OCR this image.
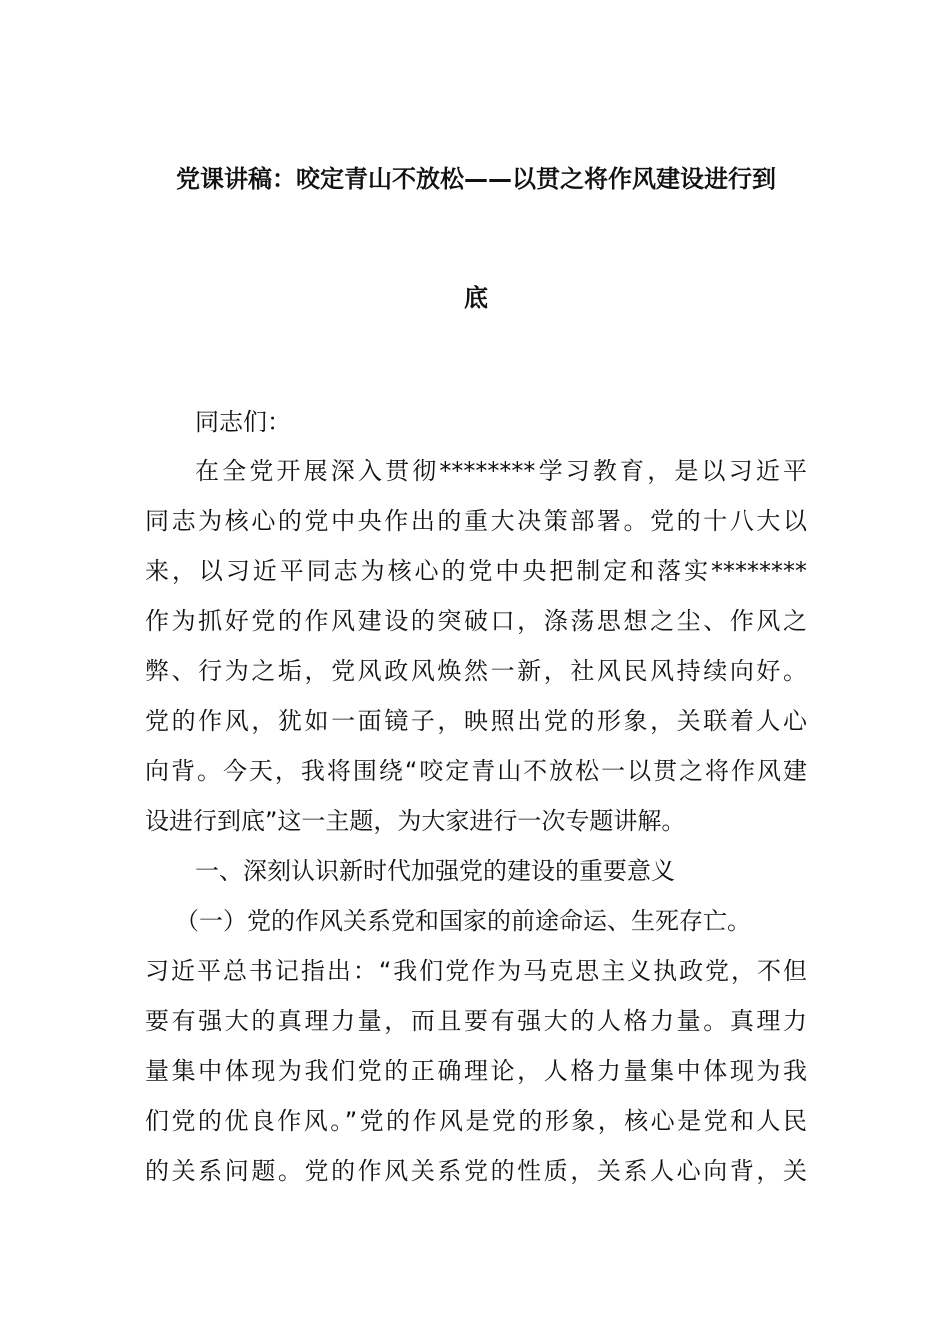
党课讲稿：咬定青山不放松——以贯之将作风建设进行到
底
同志们：
在全党开展深入贯彻********学习教育，是以习近平
同志为核心的党中央作出的重大决策部署。党的十八大以
来，以习近平同志为核心的党中央把制定和落实********
作为抓好党的作风建设的突破口，涤荡思想之尘、作风之
弊、行为之垢，党风政风焕然一新，社风民风持续向好。
党的作风，犹如一面镜子，映照出党的形象，关联着人心
向背。今天，我将围绕“咬定青山不放松一以贯之将作风建
设进行到底”这一主题，为大家进行一次专题讲解。
一、深刻认识新时代加强党的建设的重要意义
（一）党的作风关系党和国家的前途命运、生死存亡。
习近平总书记指出：“我们党作为马克思主义执政党，不但
要有强大的真理力量，而且要有强大的人格力量。真理力
量集中体现为我们党的正确理论，人格力量集中体现为我
们党的优良作风。”党的作风是党的形象，核心是党和人民
的关系问题。党的作风关系党的性质，关系人心向背，关
